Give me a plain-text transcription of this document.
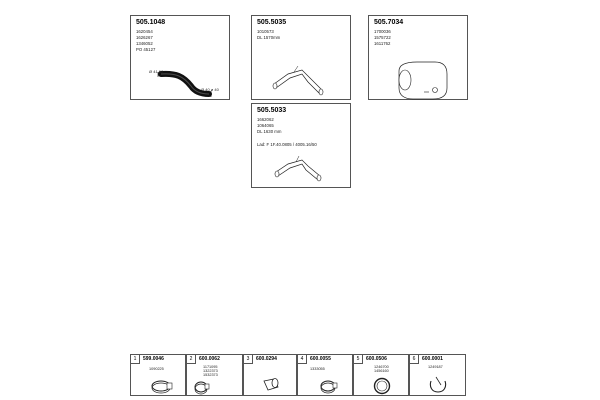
505.1048
1620454
1626267
1346052
PO 45127
Ø 41 08
Ø 40 ø 40
505.5035
1010573
DL 1570mm
505.7034
1700036
1575722
1611762
505.5033
1662062
1064065
DL 1630 mm
Lad: F 1F.40.0805 / 4005.16/50
1	599.0046
1090225
2	600.0062
1171095
1322373
1532373
3	600.0294	4	600.0055
1333055
5	600.0506
1246700
1456160
6	600.0001
1249187
